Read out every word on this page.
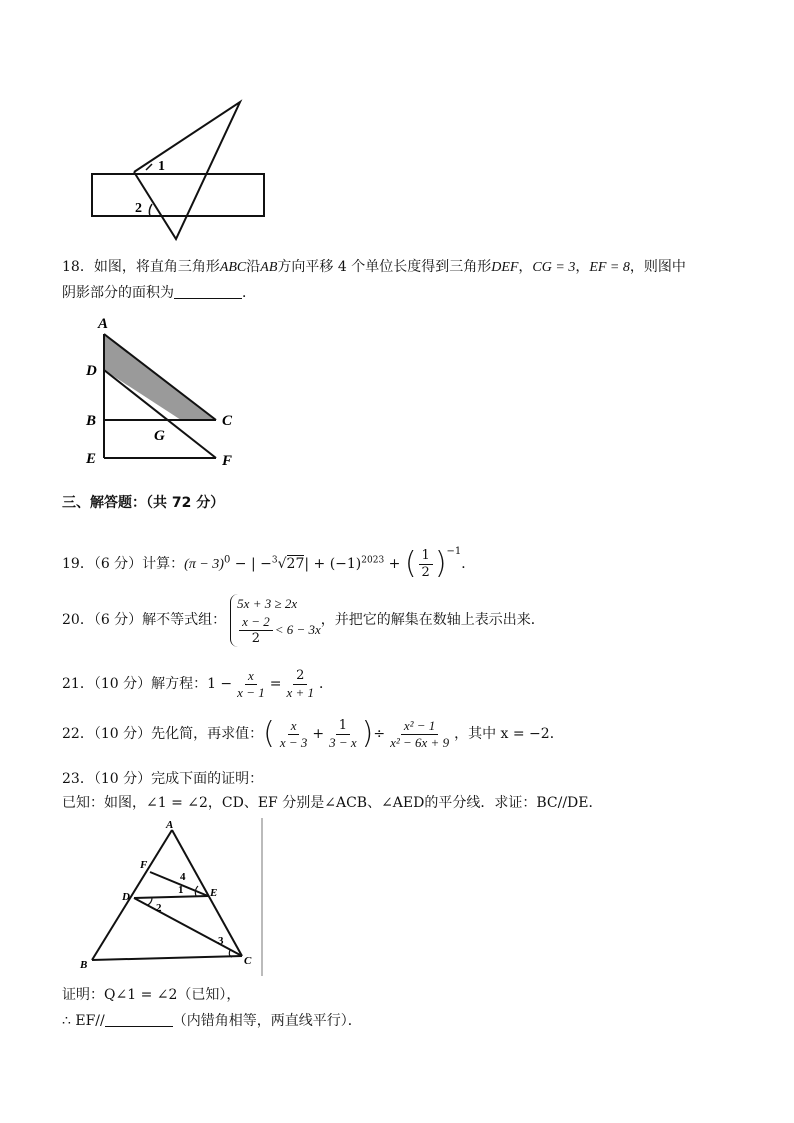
1
2
18．如图，将直角三角形ABC沿AB方向平移 4 个单位长度得到三角形DEF，CG = 3，EF = 8，则图中
阴影部分的面积为	．
A
D
B
E
C
G
F
三、解答题：（共 72 分）
19．（6 分）计算：$(\pi - 3)^0$ − | $-^3√27| + (-1)^{2023}$ + ( $\frac{1}{2} )^{-1}$．
20．（6 分）解不等式组：
5x + 3 ≥ 2x
$\frac{x - 2}{2} < 6 - 3x$
，并把它的解集在数轴上表示出来．
21．（10 分）解方程：$1 - \frac{x}{x - 1} = \frac{2}{x + 1}$ ．
22．（10 分）先化简，再求值：( $\frac{x}{x - 3} + \frac{1}{3 - x}$ )÷ $\frac{\text{x² − 1}}{\text{x² − 6x + 9}}$ ，其中 x = −2．
23．（10 分）完成下面的证明：
已知：如图，∠1 = ∠2，CD、EF 分别是∠ACB、∠AED的平分线．求证：BC//DE．
A
F
4
1
D	E
2
3
B	C
证明：Q∠1 = ∠2（已知），
∴ EF//	（内错角相等，两直线平行）．
